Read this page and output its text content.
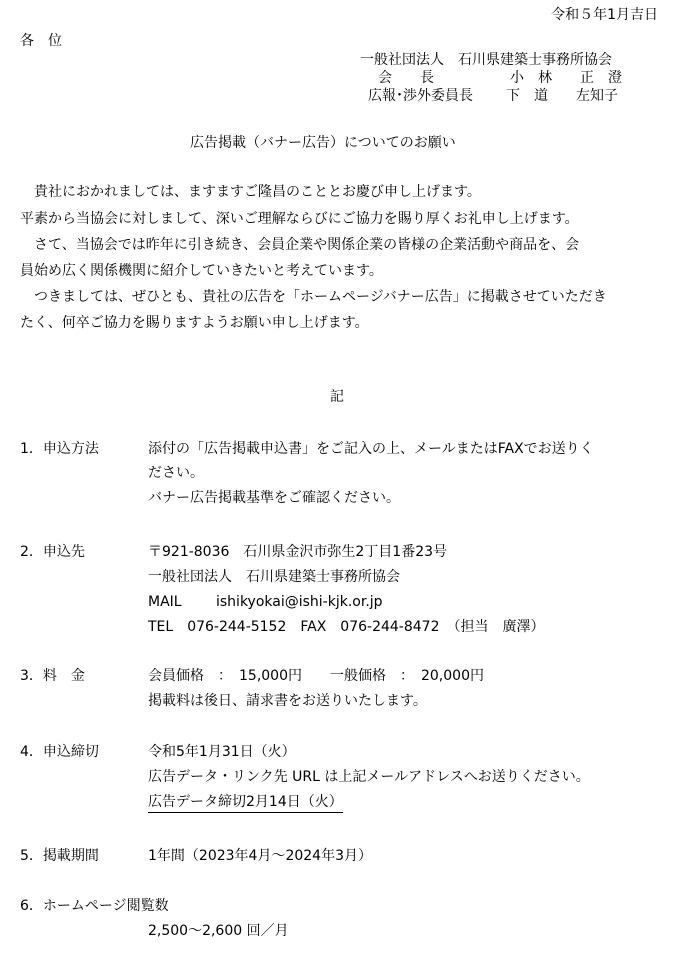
令和５年1月吉日
各　位
一般社団法人　石川県建築士事務所協会
会　　長	小　林　　正　澄
広報･渉外委員長	下　道　　左知子
広告掲載（バナー広告）についてのお願い
　貴社におかれましては、ますますご隆昌のこととお慶び申し上げます。
平素から当協会に対しまして、深いご理解ならびにご協力を賜り厚くお礼申し上げます。
　さて、当協会では昨年に引き続き、会員企業や関係企業の皆様の企業活動や商品を、会
員始め広く関係機関に紹介していきたいと考えています。
　つきましては、ぜひとも、貴社の広告を「ホームページバナー広告」に掲載させていただき
たく、何卒ご協力を賜りますようお願い申し上げます。
記
1．申込方法	添付の「広告掲載申込書」をご記入の上、メールまたはFAXでお送りく
ださい。
バナー広告掲載基準をご確認ください。
2．申込先	〒921-8036　石川県金沢市弥生2丁目1番23号
一般社団法人　石川県建築士事務所協会
MAIL ishikyokai@ishi-kjk.or.jp
TEL　076-244-5152　FAX　076-244-8472　（担当　廣澤）
3．料　金	会員価格　：　15,000円　　一般価格　：　20,000円
掲載料は後日、請求書をお送りいたします。
4．申込締切	令和5年1月31日（火）
広告データ・リンク先 URL は上記メールアドレスへお送りください。
広告データ締切2月14日（火）
5．掲載期間	1年間（2023年4月～2024年3月）
6．ホームページ閲覧数
2,500～2,600 回／月
